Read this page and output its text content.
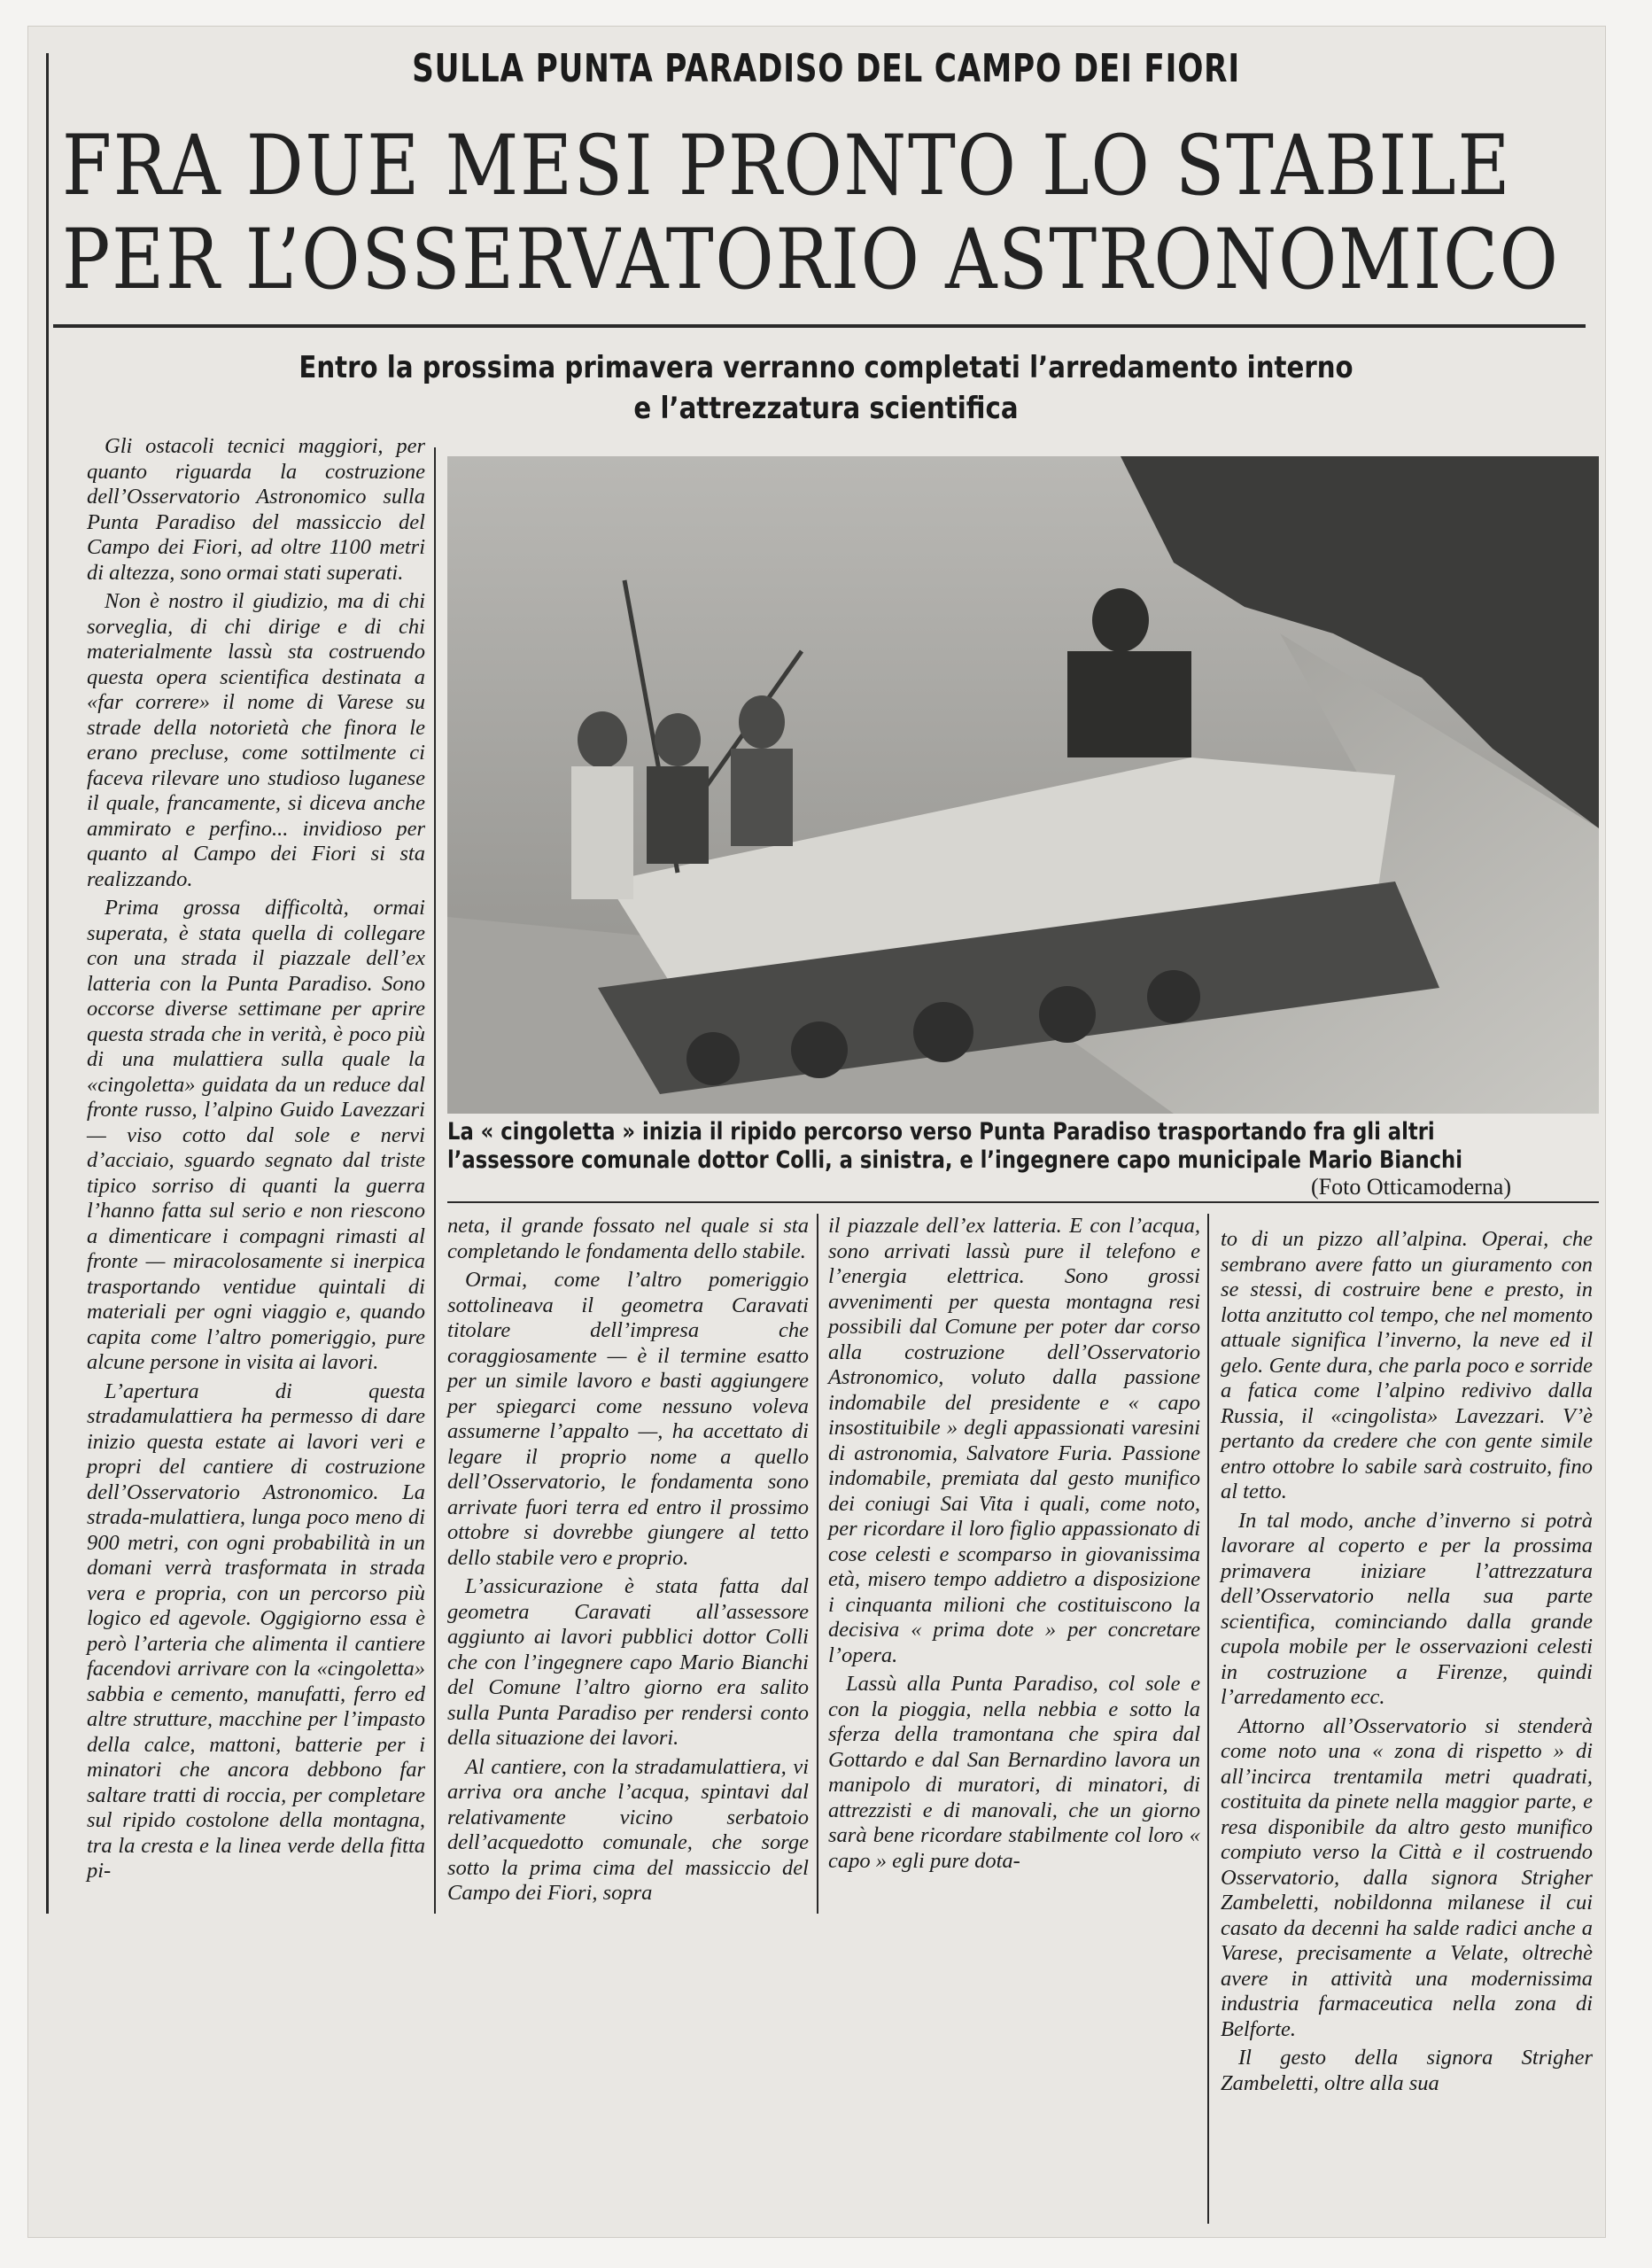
SULLA PUNTA PARADISO DEL CAMPO DEI FIORI
FRA DUE MESI PRONTO LO STABILE
PER L’OSSERVATORIO ASTRONOMICO
Entro la prossima primavera verranno completati l’arredamento interno
e l’attrezzatura scientifica

Gli ostacoli tecnici maggiori, per quanto riguarda la costruzione dell’Osservatorio Astronomico sulla Punta Paradiso del massiccio del Campo dei Fiori, ad oltre 1100 metri di altezza, sono ormai stati superati.

Non è nostro il giudizio, ma di chi sorveglia, di chi dirige e di chi materialmente lassù sta costruendo questa opera scientifica destinata a «far correre» il nome di Varese su strade della notorietà che finora le erano precluse, come sottilmente ci faceva rilevare uno studioso luganese il quale, francamente, si diceva anche ammirato e perfino... invidioso per quanto al Campo dei Fiori si sta realizzando.

Prima grossa difficoltà, ormai superata, è stata quella di collegare con una strada il piazzale dell’ex latteria con la Punta Paradiso. Sono occorse diverse settimane per aprire questa strada che in verità, è poco più di una mulattiera sulla quale la «cingoletta» guidata da un reduce dal fronte russo, l’alpino Guido Lavezzari — viso cotto dal sole e nervi d’acciaio, sguardo segnato dal triste tipico sorriso di quanti la guerra l’hanno fatta sul serio e non riescono a dimenticare i compagni rimasti al fronte — miracolosamente si inerpica trasportando ventidue quintali di materiali per ogni viaggio e, quando capita come l’altro pomeriggio, pure alcune persone in visita ai lavori.

L’apertura di questa stradamulattiera ha permesso di dare inizio questa estate ai lavori veri e propri del cantiere di costruzione dell’Osservatorio Astronomico. La strada-mulattiera, lunga poco meno di 900 metri, con ogni probabilità in un domani verrà trasformata in strada vera e propria, con un percorso più logico ed agevole. Oggigiorno essa è però l’arteria che alimenta il cantiere facendovi arrivare con la «cingoletta» sabbia e cemento, manufatti, ferro ed altre strutture, macchine per l’impasto della calce, mattoni, batterie per i minatori che ancora debbono far saltare tratti di roccia, per completare sul ripido costolone della montagna, tra la cresta e la linea verde della fitta pi-

La « cingoletta » inizia il ripido percorso verso Punta Paradiso trasportando fra gli altri
l’assessore comunale dottor Colli, a sinistra, e l’ingegnere capo municipale Mario Bianchi
(Foto Otticamoderna)

neta, il grande fossato nel quale si sta completando le fondamenta dello stabile.

Ormai, come l’altro pomeriggio sottolineava il geometra Caravati titolare dell’impresa che coraggiosamente — è il termine esatto per un simile lavoro e basti aggiungere per spiegarci come nessuno voleva assumerne l’appalto —, ha accettato di legare il proprio nome a quello dell’Osservatorio, le fondamenta sono arrivate fuori terra ed entro il prossimo ottobre si dovrebbe giungere al tetto dello stabile vero e proprio.

L’assicurazione è stata fatta dal geometra Caravati all’assessore aggiunto ai lavori pubblici dottor Colli che con l’ingegnere capo Mario Bianchi del Comune l’altro giorno era salito sulla Punta Paradiso per rendersi conto della situazione dei lavori.

Al cantiere, con la stradamulattiera, vi arriva ora anche l’acqua, spintavi dal relativamente vicino serbatoio dell’acquedotto comunale, che sorge sotto la prima cima del massiccio del Campo dei Fiori, sopra

il piazzale dell’ex latteria. E con l’acqua, sono arrivati lassù pure il telefono e l’energia elettrica. Sono grossi avvenimenti per questa montagna resi possibili dal Comune per poter dar corso alla costruzione dell’Osservatorio Astronomico, voluto dalla passione indomabile del presidente e « capo insostituibile » degli appassionati varesini di astronomia, Salvatore Furia. Passione indomabile, premiata dal gesto munifico dei coniugi Sai Vita i quali, come noto, per ricordare il loro figlio appassionato di cose celesti e scomparso in giovanissima età, misero tempo addietro a disposizione i cinquanta milioni che costituiscono la decisiva « prima dote » per concretare l’opera.

Lassù alla Punta Paradiso, col sole e con la pioggia, nella nebbia e sotto la sferza della tramontana che spira dal Gottardo e dal San Bernardino lavora un manipolo di muratori, di minatori, di attrezzisti e di manovali, che un giorno sarà bene ricordare stabilmente col loro « capo » egli pure dota-

to di un pizzo all’alpina. Operai, che sembrano avere fatto un giuramento con se stessi, di costruire bene e presto, in lotta anzitutto col tempo, che nel momento attuale significa l’inverno, la neve ed il gelo. Gente dura, che parla poco e sorride a fatica come l’alpino redivivo dalla Russia, il «cingolista» Lavezzari. V’è pertanto da credere che con gente simile entro ottobre lo sabile sarà costruito, fino al tetto.

In tal modo, anche d’inverno si potrà lavorare al coperto e per la prossima primavera iniziare l’attrezzatura dell’Osservatorio nella sua parte scientifica, cominciando dalla grande cupola mobile per le osservazioni celesti in costruzione a Firenze, quindi l’arredamento ecc.

Attorno all’Osservatorio si stenderà come noto una « zona di rispetto » di all’incirca trentamila metri quadrati, costituita da pinete nella maggior parte, e resa disponibile da altro gesto munifico compiuto verso la Città e il costruendo Osservatorio, dalla signora Strigher Zambeletti, nobildonna milanese il cui casato da decenni ha salde radici anche a Varese, precisamente a Velate, oltrechè avere in attività una modernissima industria farmaceutica nella zona di Belforte.

Il gesto della signora Strigher Zambeletti, oltre alla sua
